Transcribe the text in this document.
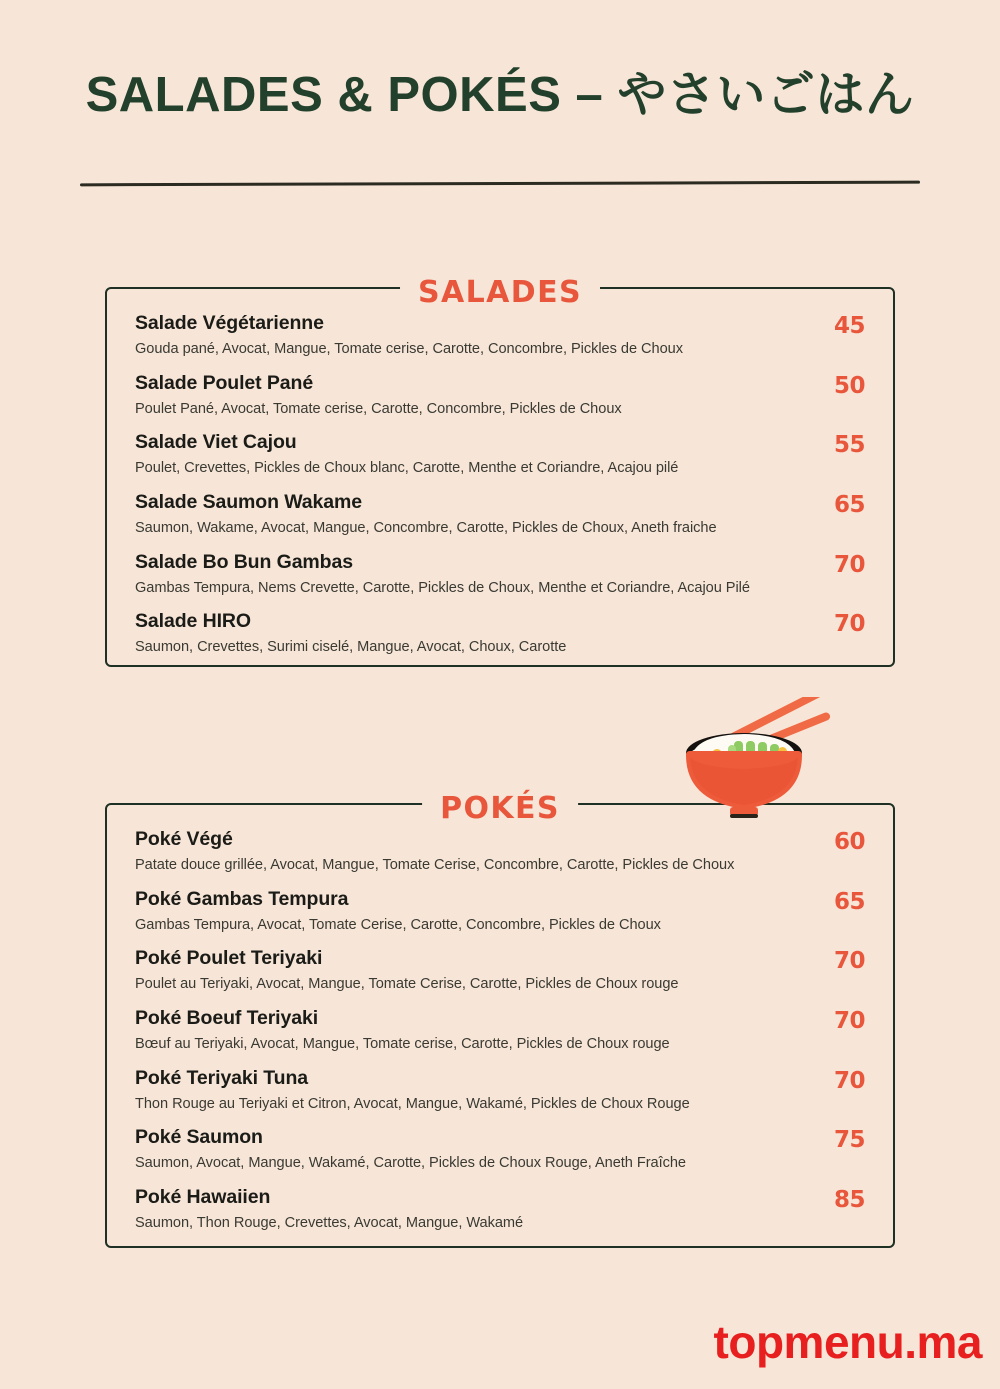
SALADES & POKÉS – やさいごはん
SALADES
Salade Végétarienne
Gouda pané, Avocat, Mangue, Tomate cerise, Carotte, Concombre, Pickles de Choux
45
Salade Poulet Pané
Poulet Pané, Avocat, Tomate cerise, Carotte, Concombre, Pickles de Choux
50
Salade Viet Cajou
Poulet, Crevettes, Pickles de Choux blanc, Carotte, Menthe et Coriandre, Acajou pilé
55
Salade Saumon Wakame
Saumon, Wakame, Avocat, Mangue, Concombre, Carotte, Pickles de Choux, Aneth fraiche
65
Salade Bo Bun Gambas
Gambas Tempura, Nems Crevette, Carotte, Pickles de Choux, Menthe et Coriandre, Acajou Pilé
70
Salade HIRO
Saumon, Crevettes, Surimi ciselé, Mangue, Avocat, Choux, Carotte
70
POKÉS
Poké Végé
Patate douce grillée, Avocat, Mangue, Tomate Cerise, Concombre, Carotte, Pickles de Choux
60
Poké Gambas Tempura
Gambas Tempura, Avocat, Tomate Cerise, Carotte, Concombre, Pickles de Choux
65
Poké Poulet Teriyaki
Poulet au Teriyaki, Avocat, Mangue, Tomate Cerise, Carotte, Pickles de Choux rouge
70
Poké Boeuf Teriyaki
Bœuf au Teriyaki, Avocat, Mangue, Tomate cerise, Carotte, Pickles de Choux rouge
70
Poké Teriyaki Tuna
Thon Rouge au Teriyaki et Citron, Avocat, Mangue, Wakamé, Pickles de Choux Rouge
70
Poké Saumon
Saumon, Avocat, Mangue, Wakamé, Carotte, Pickles de Choux Rouge, Aneth Fraîche
75
Poké Hawaiien
Saumon, Thon Rouge, Crevettes, Avocat, Mangue, Wakamé
85
topmenu.ma
